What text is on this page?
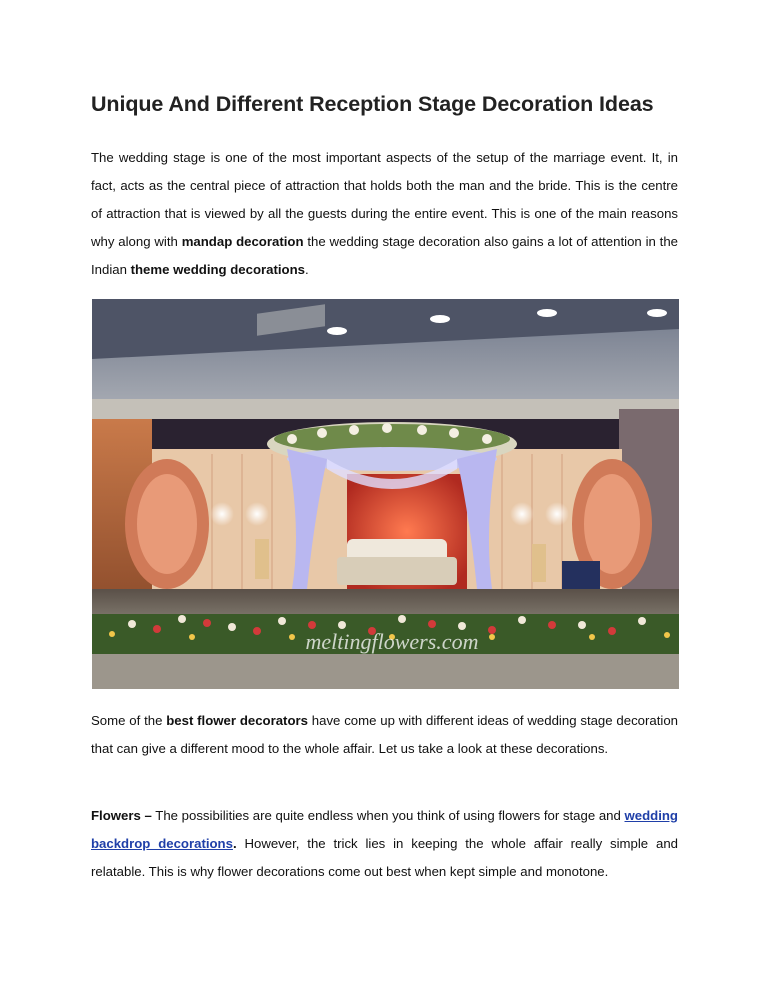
Unique And Different Reception Stage Decoration Ideas

The wedding stage is one of the most important aspects of the setup of the marriage event. It, in fact, acts as the central piece of attraction that holds both the man and the bride. This is the centre of attraction that is viewed by all the guests during the entire event. This is one of the main reasons why along with mandap decoration the wedding stage decoration also gains a lot of attention in the Indian theme wedding decorations.

meltingflowers.com

Some of the best flower decorators have come up with different ideas of wedding stage decoration that can give a different mood to the whole affair. Let us take a look at these decorations.

Flowers – The possibilities are quite endless when you think of using flowers for stage and wedding backdrop decorations. However, the trick lies in keeping the whole affair really simple and relatable. This is why flower decorations come out best when kept simple and monotone.
